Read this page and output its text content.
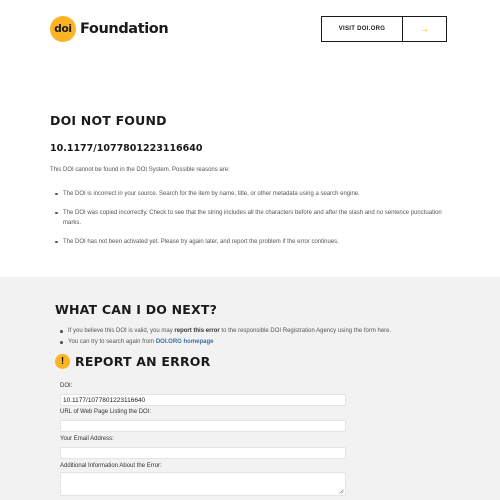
doi Foundation	VISIT DOI.ORG	→
DOI NOT FOUND
10.1177/1077801223116640
This DOI cannot be found in the DOI System. Possible reasons are:
The DOI is incorrect in your source. Search for the item by name, title, or other metadata using a search engine.
The DOI was copied incorrectly. Check to see that the string includes all the characters before and after the slash and no sentence punctuation marks.
The DOI has not been activated yet. Please try again later, and report the problem if the error continues.
WHAT CAN I DO NEXT?
If you believe this DOI is valid, you may report this error to the responsible DOI Registration Agency using the form here.
You can try to search again from DOI.ORG homepage
! REPORT AN ERROR
DOI:
10.1177/1077801223116640
URL of Web Page Listing the DOI:
Your Email Address:
Additional Information About the Error:
